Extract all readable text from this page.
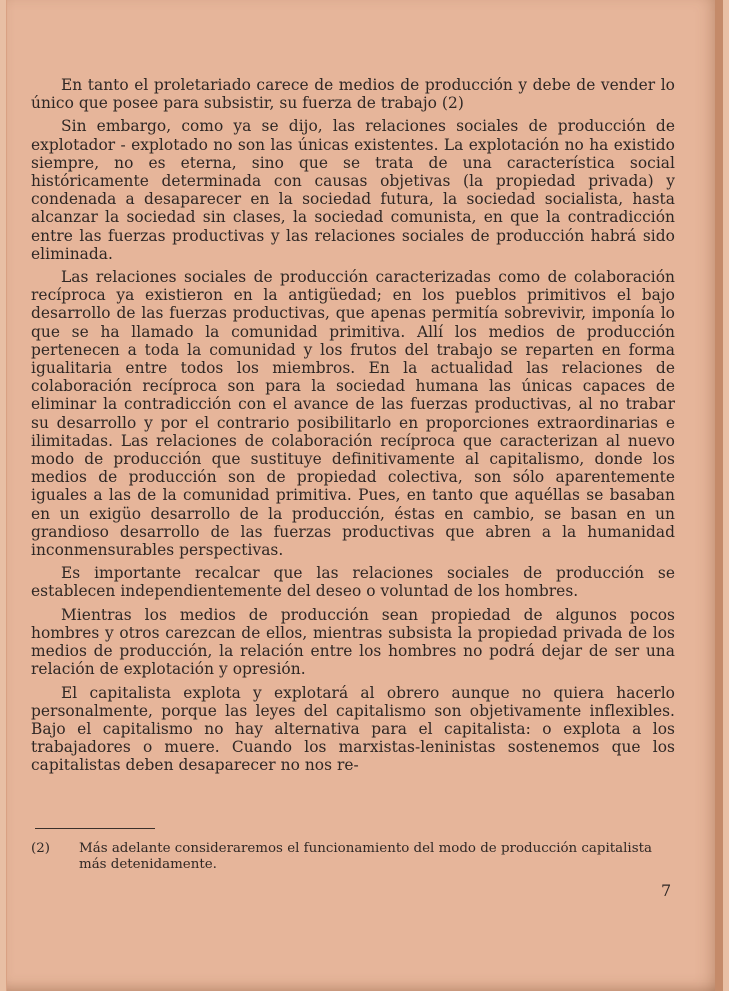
En tanto el proletariado carece de medios de producción y debe de vender lo único que posee para subsistir, su fuerza de trabajo (2)

Sin embargo, como ya se dijo, las relaciones sociales de producción de explotador - explotado no son las únicas existentes. La explotación no ha existido siempre, no es eterna, sino que se trata de una característica social históricamente determinada con causas objetivas (la propiedad privada) y condenada a desaparecer en la sociedad futura, la sociedad socialista, hasta alcanzar la sociedad sin clases, la sociedad comunista, en que la contradicción entre las fuerzas productivas y las relaciones sociales de producción habrá sido eliminada.

Las relaciones sociales de producción caracterizadas como de colaboración recíproca ya existieron en la antigüedad; en los pueblos primitivos el bajo desarrollo de las fuerzas productivas, que apenas permitía sobrevivir, imponía lo que se ha llamado la comunidad primitiva. Allí los medios de producción pertenecen a toda la comunidad y los frutos del trabajo se reparten en forma igualitaria entre todos los miembros. En la actualidad las relaciones de colaboración recíproca son para la sociedad humana las únicas capaces de eliminar la contradicción con el avance de las fuerzas productivas, al no trabar su desarrollo y por el contrario posibilitarlo en proporciones extraordinarias e ilimitadas. Las relaciones de colaboración recíproca que caracterizan al nuevo modo de producción que sustituye definitivamente al capitalismo, donde los medios de producción son de propiedad colectiva, son sólo aparentemente iguales a las de la comunidad primitiva. Pues, en tanto que aquéllas se basaban en un exigüo desarrollo de la producción, éstas en cambio, se basan en un grandioso desarrollo de las fuerzas productivas que abren a la humanidad inconmensurables perspectivas.

Es importante recalcar que las relaciones sociales de producción se establecen independientemente del deseo o voluntad de los hombres.

Mientras los medios de producción sean propiedad de algunos pocos hombres y otros carezcan de ellos, mientras subsista la propiedad privada de los medios de producción, la relación entre los hombres no podrá dejar de ser una relación de explotación y opresión.

El capitalista explota y explotará al obrero aunque no quiera hacerlo personalmente, porque las leyes del capitalismo son objetivamente inflexibles. Bajo el capitalismo no hay alternativa para el capitalista: o explota a los trabajadores o muere. Cuando los marxistas-leninistas sostenemos que los capitalistas deben desaparecer no nos re-

(2)	Más adelante consideraremos el funcionamiento del modo de producción capitalista más detenidamente.
7
